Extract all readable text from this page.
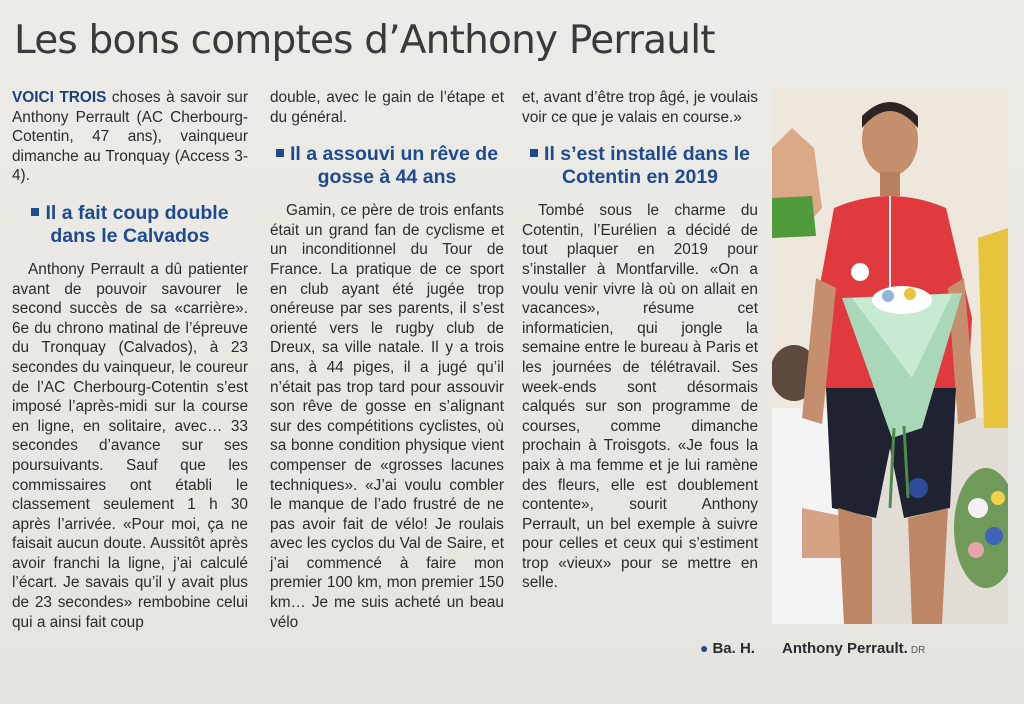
Les bons comptes d’Anthony Perrault

VOICI TROIS choses à savoir sur Anthony Perrault (AC Cherbourg-Cotentin, 47 ans), vainqueur dimanche au Tronquay (Access 3-4).

Il a fait coup double dans le Calvados

Anthony Perrault a dû patienter avant de pouvoir savourer le second succès de sa «carrière». 6e du chrono matinal de l’épreuve du Tronquay (Calvados), à 23 secondes du vainqueur, le coureur de l’AC Cherbourg-Cotentin s’est imposé l’après-midi sur la course en ligne, en solitaire, avec… 33 secondes d’avance sur ses poursuivants. Sauf que les commissaires ont établi le classement seulement 1 h 30 après l’arrivée. «Pour moi, ça ne faisait aucun doute. Aussitôt après avoir franchi la ligne, j’ai calculé l’écart. Je savais qu’il y avait plus de 23 secondes» rembobine celui qui a ainsi fait coup

double, avec le gain de l’étape et du général.

Il a assouvi un rêve de gosse à 44 ans

Gamin, ce père de trois enfants était un grand fan de cyclisme et un inconditionnel du Tour de France. La pratique de ce sport en club ayant été jugée trop onéreuse par ses parents, il s’est orienté vers le rugby club de Dreux, sa ville natale. Il y a trois ans, à 44 piges, il a jugé qu’il n’était pas trop tard pour assouvir son rêve de gosse en s’alignant sur des compétitions cyclistes, où sa bonne condition physique vient compenser de «grosses lacunes techniques». «J’ai voulu combler le manque de l’ado frustré de ne pas avoir fait de vélo! Je roulais avec les cyclos du Val de Saire, et j’ai commencé à faire mon premier 100 km, mon premier 150 km… Je me suis acheté un beau vélo

et, avant d’être trop âgé, je voulais voir ce que je valais en course.»

Il s’est installé dans le Cotentin en 2019

Tombé sous le charme du Cotentin, l’Eurélien a décidé de tout plaquer en 2019 pour s’installer à Montfarville. «On a voulu venir vivre là où on allait en vacances», résume cet informaticien, qui jongle la semaine entre le bureau à Paris et les journées de télétravail. Ses week-ends sont désormais calqués sur son programme de courses, comme dimanche prochain à Troisgots. «Je fous la paix à ma femme et je lui ramène des fleurs, elle est doublement contente», sourit Anthony Perrault, un bel exemple à suivre pour celles et ceux qui s’estiment trop «vieux» pour se mettre en selle.

● Ba. H. Anthony Perrault. DR
